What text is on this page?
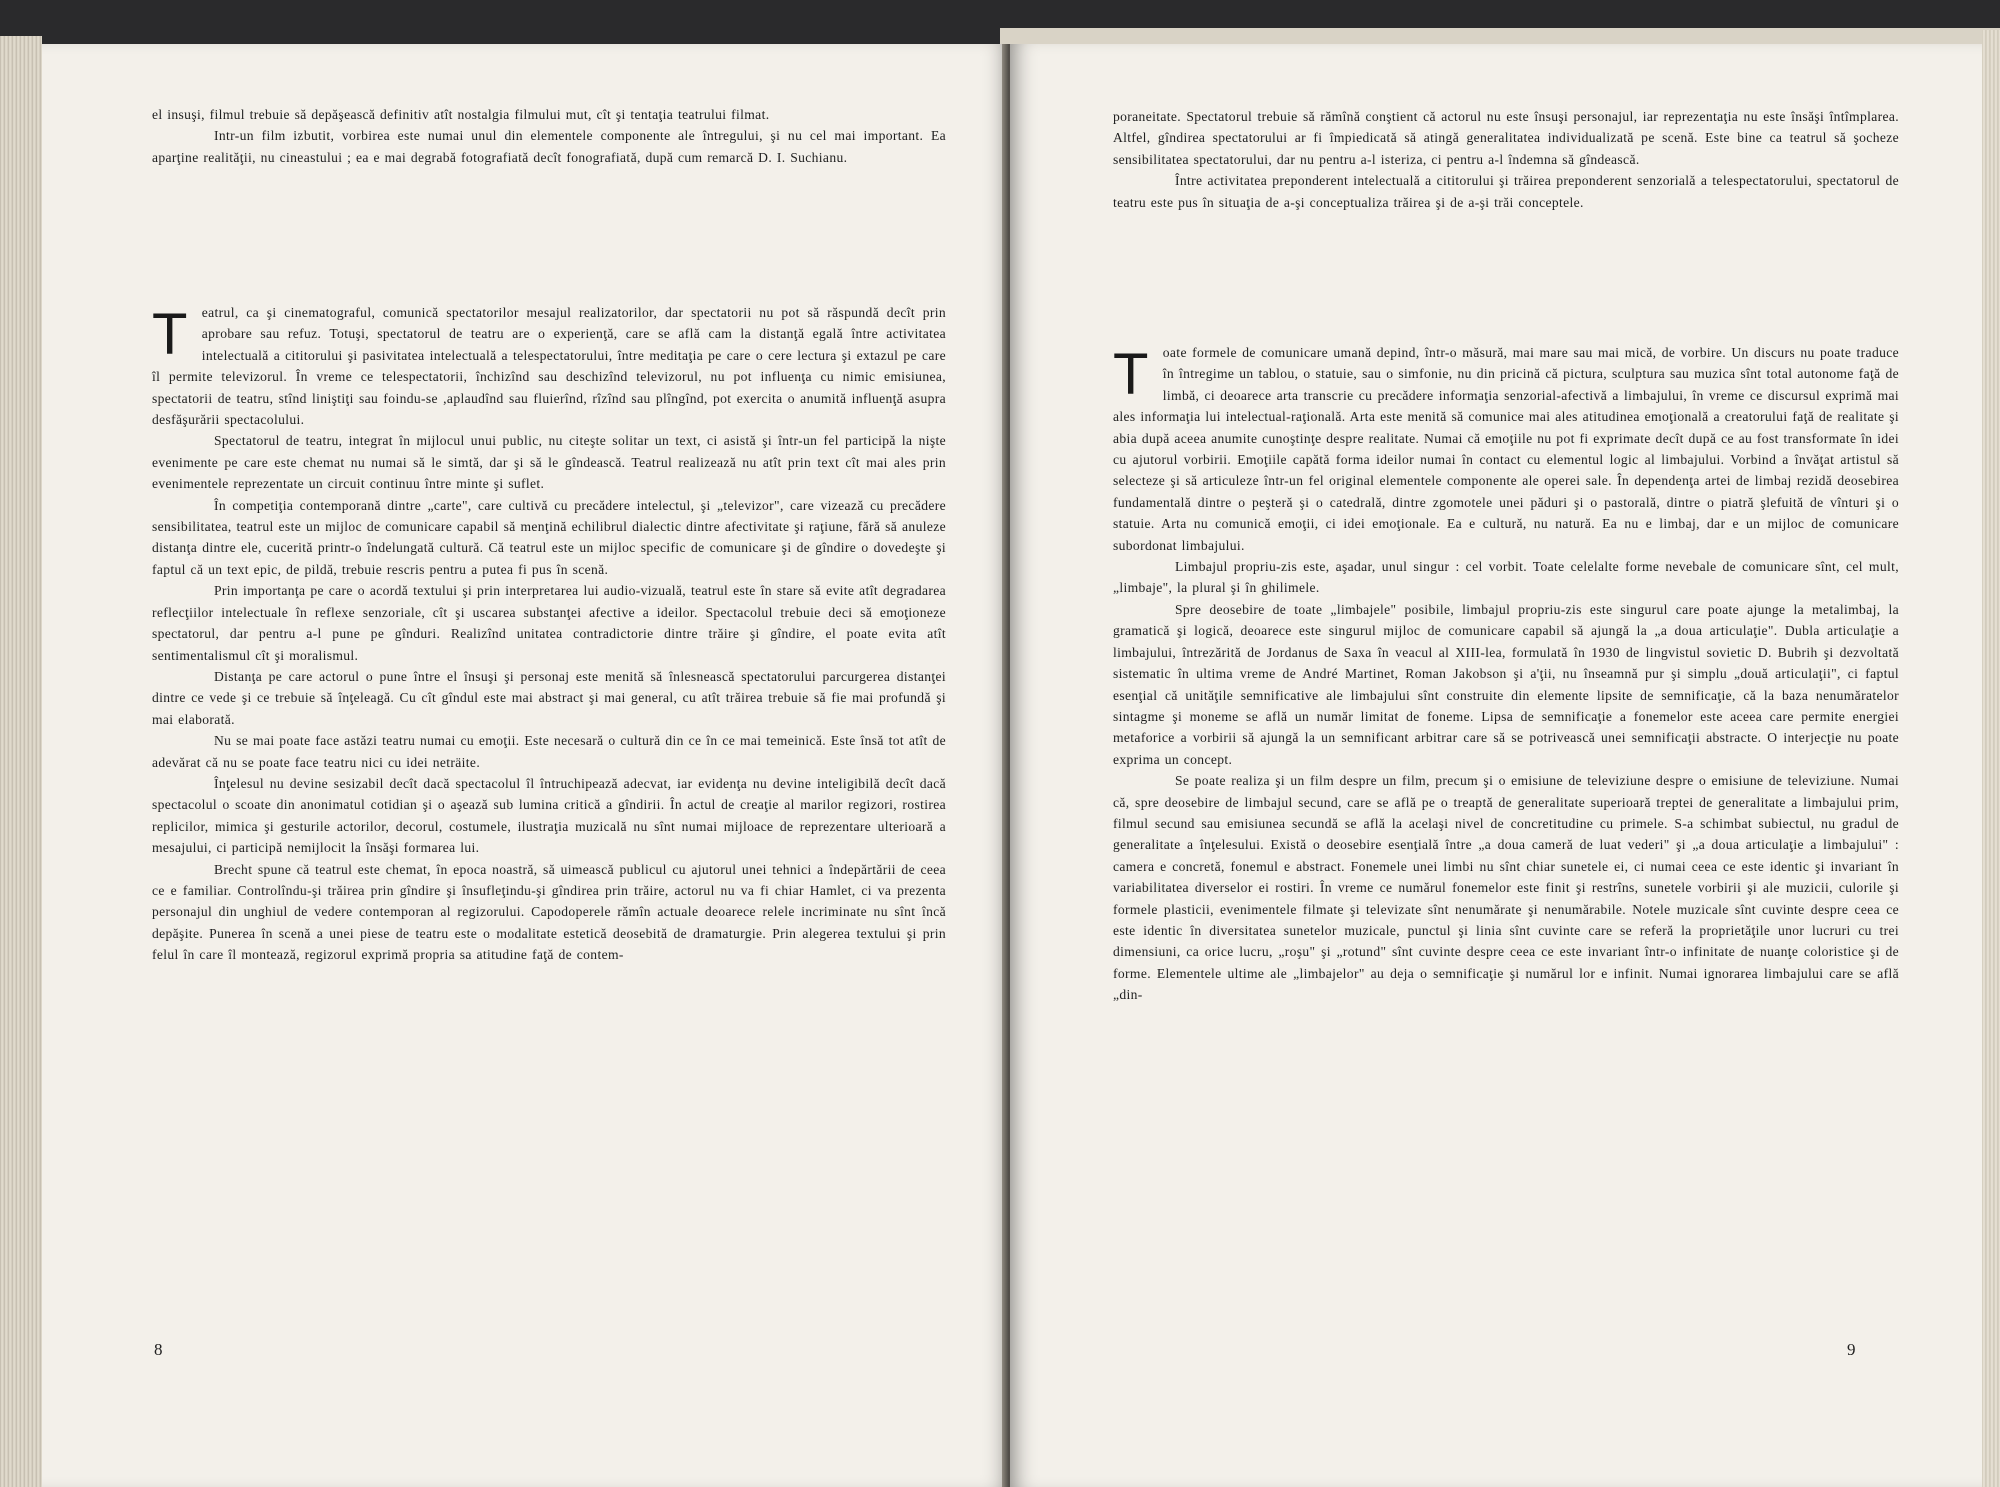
el insuşi, filmul trebuie să depăşească definitiv atît nostalgia filmului mut, cît şi tentaţia teatrului filmat.

Intr-un film izbutit, vorbirea este numai unul din elementele componente ale întregului, şi nu cel mai important. Ea aparţine realităţii, nu cineastului ; ea e mai degrabă fotografiată decît fonografiată, după cum remarcă D. I. Suchianu.

T	eatrul, ca şi cinematograful, comunică spectatorilor mesajul realizatorilor, dar spectatorii nu pot să răspundă decît prin aprobare sau refuz. Totuşi, spectatorul de teatru are o experienţă, care se află cam la distanţă egală între activitatea intelectuală a cititorului şi pasivitatea intelectuală a telespectatorului, între meditaţia pe care o cere lectura şi extazul pe care îl permite televizorul. În vreme ce telespectatorii, închizînd sau deschizînd televizorul, nu pot influenţa cu nimic emisiunea, spectatorii de teatru, stînd liniştiţi sau foindu-se ,aplaudînd sau fluierînd, rîzînd sau plîngînd, pot exercita o anumită influenţă asupra desfăşurării spectacolului.

Spectatorul de teatru, integrat în mijlocul unui public, nu citeşte solitar un text, ci asistă şi într-un fel participă la nişte evenimente pe care este chemat nu numai să le simtă, dar şi să le gîndească. Teatrul realizează nu atît prin text cît mai ales prin evenimentele reprezentate un circuit continuu între minte şi suflet.

În competiţia contemporană dintre „carte", care cultivă cu precădere intelectul, şi „televizor", care vizează cu precădere sensibilitatea, teatrul este un mijloc de comunicare capabil să menţină echilibrul dialectic dintre afectivitate şi raţiune, fără să anuleze distanţa dintre ele, cucerită printr-o îndelungată cultură. Că teatrul este un mijloc specific de comunicare şi de gîndire o dovedeşte şi faptul că un text epic, de pildă, trebuie rescris pentru a putea fi pus în scenă.

Prin importanţa pe care o acordă textului şi prin interpretarea lui audio-vizuală, teatrul este în stare să evite atît degradarea reflecţiilor intelectuale în reflexe senzoriale, cît şi uscarea substanţei afective a ideilor. Spectacolul trebuie deci să emoţioneze spectatorul, dar pentru a-l pune pe gînduri. Realizînd unitatea contradictorie dintre trăire şi gîndire, el poate evita atît sentimentalismul cît şi moralismul.

Distanţa pe care actorul o pune între el însuşi şi personaj este menită să înlesnească spectatorului parcurgerea distanţei dintre ce vede şi ce trebuie să înţeleagă. Cu cît gîndul este mai abstract şi mai general, cu atît trăirea trebuie să fie mai profundă şi mai elaborată.

Nu se mai poate face astăzi teatru numai cu emoţii. Este necesară o cultură din ce în ce mai temeinică. Este însă tot atît de adevărat că nu se poate face teatru nici cu idei neträite.

Înţelesul nu devine sesizabil decît dacă spectacolul îl întruchipează adecvat, iar evidenţa nu devine inteligibilă decît dacă spectacolul o scoate din anonimatul cotidian şi o aşează sub lumina critică a gîndirii. În actul de creaţie al marilor regizori, rostirea replicilor, mimica şi gesturile actorilor, decorul, costumele, ilustraţia muzicală nu sînt numai mijloace de reprezentare ulterioară a mesajului, ci participă nemijlocit la însăşi formarea lui.

Brecht spune că teatrul este chemat, în epoca noastră, să uimească publicul cu ajutorul unei tehnici a îndepărtării de ceea ce e familiar. Controlîndu-şi trăirea prin gîndire şi însufleţindu-şi gîndirea prin trăire, actorul nu va fi chiar Hamlet, ci va prezenta personajul din unghiul de vedere contemporan al regizorului. Capodoperele rămîn actuale deoarece relele incriminate nu sînt încă depăşite. Punerea în scenă a unei piese de teatru este o modalitate estetică deosebită de dramaturgie. Prin alegerea textului şi prin felul în care îl montează, regizorul exprimă propria sa atitudine faţă de contem-

8

poraneitate. Spectatorul trebuie să rămînă conştient că actorul nu este însuşi personajul, iar reprezentaţia nu este însăşi întîmplarea. Altfel, gîndirea spectatorului ar fi împiedicată să atingă generalitatea individualizată pe scenă. Este bine ca teatrul să şocheze sensibilitatea spectatorului, dar nu pentru a-l isteriza, ci pentru a-l îndemna să gîndească.

Între activitatea preponderent intelectuală a cititorului şi trăirea preponderent senzorială a telespectatorului, spectatorul de teatru este pus în situaţia de a-şi conceptualiza trăirea şi de a-şi trăi conceptele.

T	oate formele de comunicare umană depind, într-o măsură, mai mare sau mai mică, de vorbire. Un discurs nu poate traduce în întregime un tablou, o statuie, sau o simfonie, nu din pricină că pictura, sculptura sau muzica sînt total autonome faţă de limbă, ci deoarece arta transcrie cu precădere informaţia senzorial-afectivă a limbajului, în vreme ce discursul exprimă mai ales informaţia lui intelectual-raţională. Arta este menită să comunice mai ales atitudinea emoţională a creatorului faţă de realitate şi abia după aceea anumite cunoştinţe despre realitate. Numai că emoţiile nu pot fi exprimate decît după ce au fost transformate în idei cu ajutorul vorbirii. Emoţiile capătă forma ideilor numai în contact cu elementul logic al limbajului. Vorbind a învăţat artistul să selecteze şi să articuleze într-un fel original elementele componente ale operei sale. În dependenţa artei de limbaj rezidă deosebirea fundamentală dintre o peşteră şi o catedrală, dintre zgomotele unei păduri şi o pastorală, dintre o piatră şlefuită de vînturi şi o statuie. Arta nu comunică emoţii, ci idei emoţionale. Ea e cultură, nu natură. Ea nu e limbaj, dar e un mijloc de comunicare subordonat limbajului.

Limbajul propriu-zis este, aşadar, unul singur : cel vorbit. Toate celelalte forme nevebale de comunicare sînt, cel mult, „limbaje", la plural şi în ghilimele.

Spre deosebire de toate „limbajele" posibile, limbajul propriu-zis este singurul care poate ajunge la metalimbaj, la gramatică şi logică, deoarece este singurul mijloc de comunicare capabil să ajungă la „a doua articulaţie". Dubla articulaţie a limbajului, întrezărită de Jordanus de Saxa în veacul al XIII-lea, formulată în 1930 de lingvistul sovietic D. Bubrih şi dezvoltată sistematic în ultima vreme de André Martinet, Roman Jakobson şi a'ţii, nu înseamnă pur şi simplu „două articulaţii", ci faptul esenţial că unităţile semnificative ale limbajului sînt construite din elemente lipsite de semnificaţie, că la baza nenumăratelor sintagme şi moneme se află un număr limitat de foneme. Lipsa de semnificaţie a fonemelor este aceea care permite energiei metaforice a vorbirii să ajungă la un semnificant arbitrar care să se potrivească unei semnificaţii abstracte. O interjecţie nu poate exprima un concept.

Se poate realiza şi un film despre un film, precum şi o emisiune de televiziune despre o emisiune de televiziune. Numai că, spre deosebire de limbajul secund, care se află pe o treaptă de generalitate superioară treptei de generalitate a limbajului prim, filmul secund sau emisiunea secundă se află la acelaşi nivel de concretitudine cu primele. S-a schimbat subiectul, nu gradul de generalitate a înţelesului. Există o deosebire esenţială între „a doua cameră de luat vederi" şi „a doua articulaţie a limbajului" : camera e concretă, fonemul e abstract. Fonemele unei limbi nu sînt chiar sunetele ei, ci numai ceea ce este identic şi invariant în variabilitatea diverselor ei rostiri. În vreme ce numărul fonemelor este finit şi restrîns, sunetele vorbirii şi ale muzicii, culorile şi formele plasticii, evenimentele filmate şi televizate sînt nenumărate şi nenumărabile. Notele muzicale sînt cuvinte despre ceea ce este identic în diversitatea sunetelor muzicale, punctul şi linia sînt cuvinte care se referă la proprietăţile unor lucruri cu trei dimensiuni, ca orice lucru, „roşu" şi „rotund" sînt cuvinte despre ceea ce este invariant într-o infinitate de nuanţe coloristice şi de forme. Elementele ultime ale „limbajelor" au deja o semnificaţie şi numărul lor e infinit. Numai ignorarea limbajului care se află „din-

9
